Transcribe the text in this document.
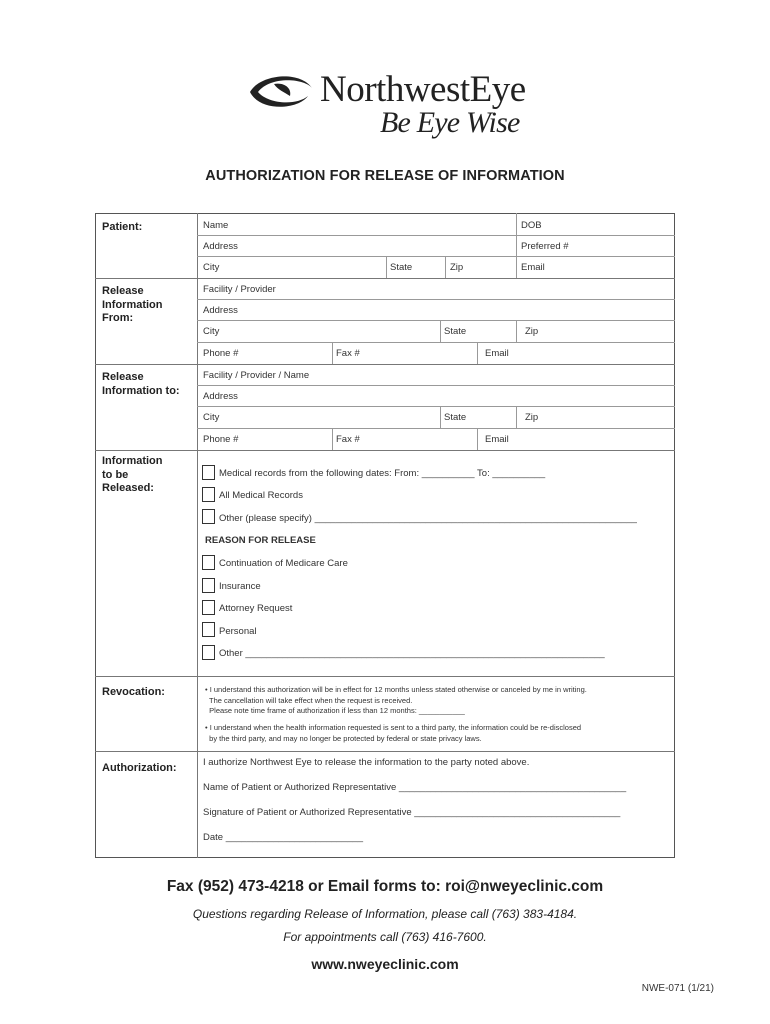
NorthwestEye
Be Eye Wise
AUTHORIZATION FOR RELEASE OF INFORMATION
Patient:	Name	DOB
Address	Preferred #
City	State	Zip	Email
Release
Information
From:
Facility / Provider
Address
City	State	Zip
Phone #	Fax #	Email
Release
Information to:
Facility / Provider / Name
Address
City	State	Zip
Phone #	Fax #	Email
Information
to be
Released:
Medical records from the following dates: From: __________ To: __________
All Medical Records
Other (please specify) _____________________________________________________________
REASON FOR RELEASE
Continuation of Medicare Care
Insurance
Attorney Request
Personal
Other ____________________________________________________________________
Revocation:	• I understand this authorization will be in effect for 12 months unless stated otherwise or canceled by me in writing.
The cancellation will take effect when the request is received.
Please note time frame of authorization if less than 12 months: ___________
• I understand when the health information requested is sent to a third party, the information could be re-disclosed
by the third party, and may no longer be protected by federal or state privacy laws.
Authorization:	I authorize Northwest Eye to release the information to the party noted above.
Name of Patient or Authorized Representative ___________________________________________
Signature of Patient or Authorized Representative _______________________________________
Date __________________________
Fax (952) 473-4218 or Email forms to: roi@nweyeclinic.com
Questions regarding Release of Information, please call (763) 383-4184.
For appointments call (763) 416-7600.
www.nweyeclinic.com
NWE-071 (1/21)
